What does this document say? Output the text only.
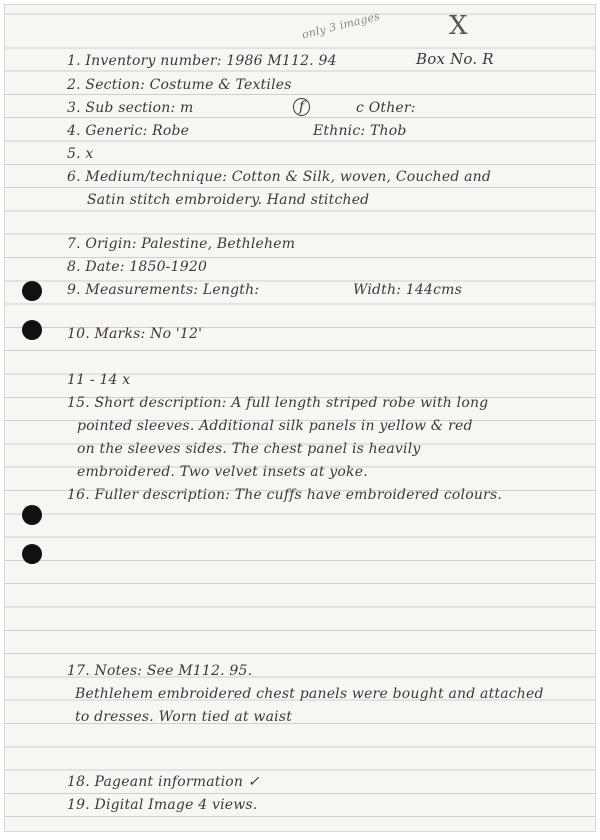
X
only 3 images
1. Inventory number: 1986 M112. 94	Box No. R
2. Section: Costume & Textiles
3. Sub section: m	f	c Other:
4. Generic: Robe	Ethnic: Thob
5. x
6. Medium/technique: Cotton & Silk, woven, Couched and
Satin stitch embroidery. Hand stitched
7. Origin: Palestine, Bethlehem
8. Date: 1850-1920
9. Measurements: Length:	Width: 144cms
10. Marks: No '12'
11 - 14 x
15. Short description: A full length striped robe with long
pointed sleeves. Additional silk panels in yellow & red
on the sleeves sides. The chest panel is heavily
embroidered. Two velvet insets at yoke.
16. Fuller description: The cuffs have embroidered colours.
17. Notes: See M112. 95.
Bethlehem embroidered chest panels were bought and attached
to dresses. Worn tied at waist
18. Pageant information ✓
19. Digital Image 4 views.
